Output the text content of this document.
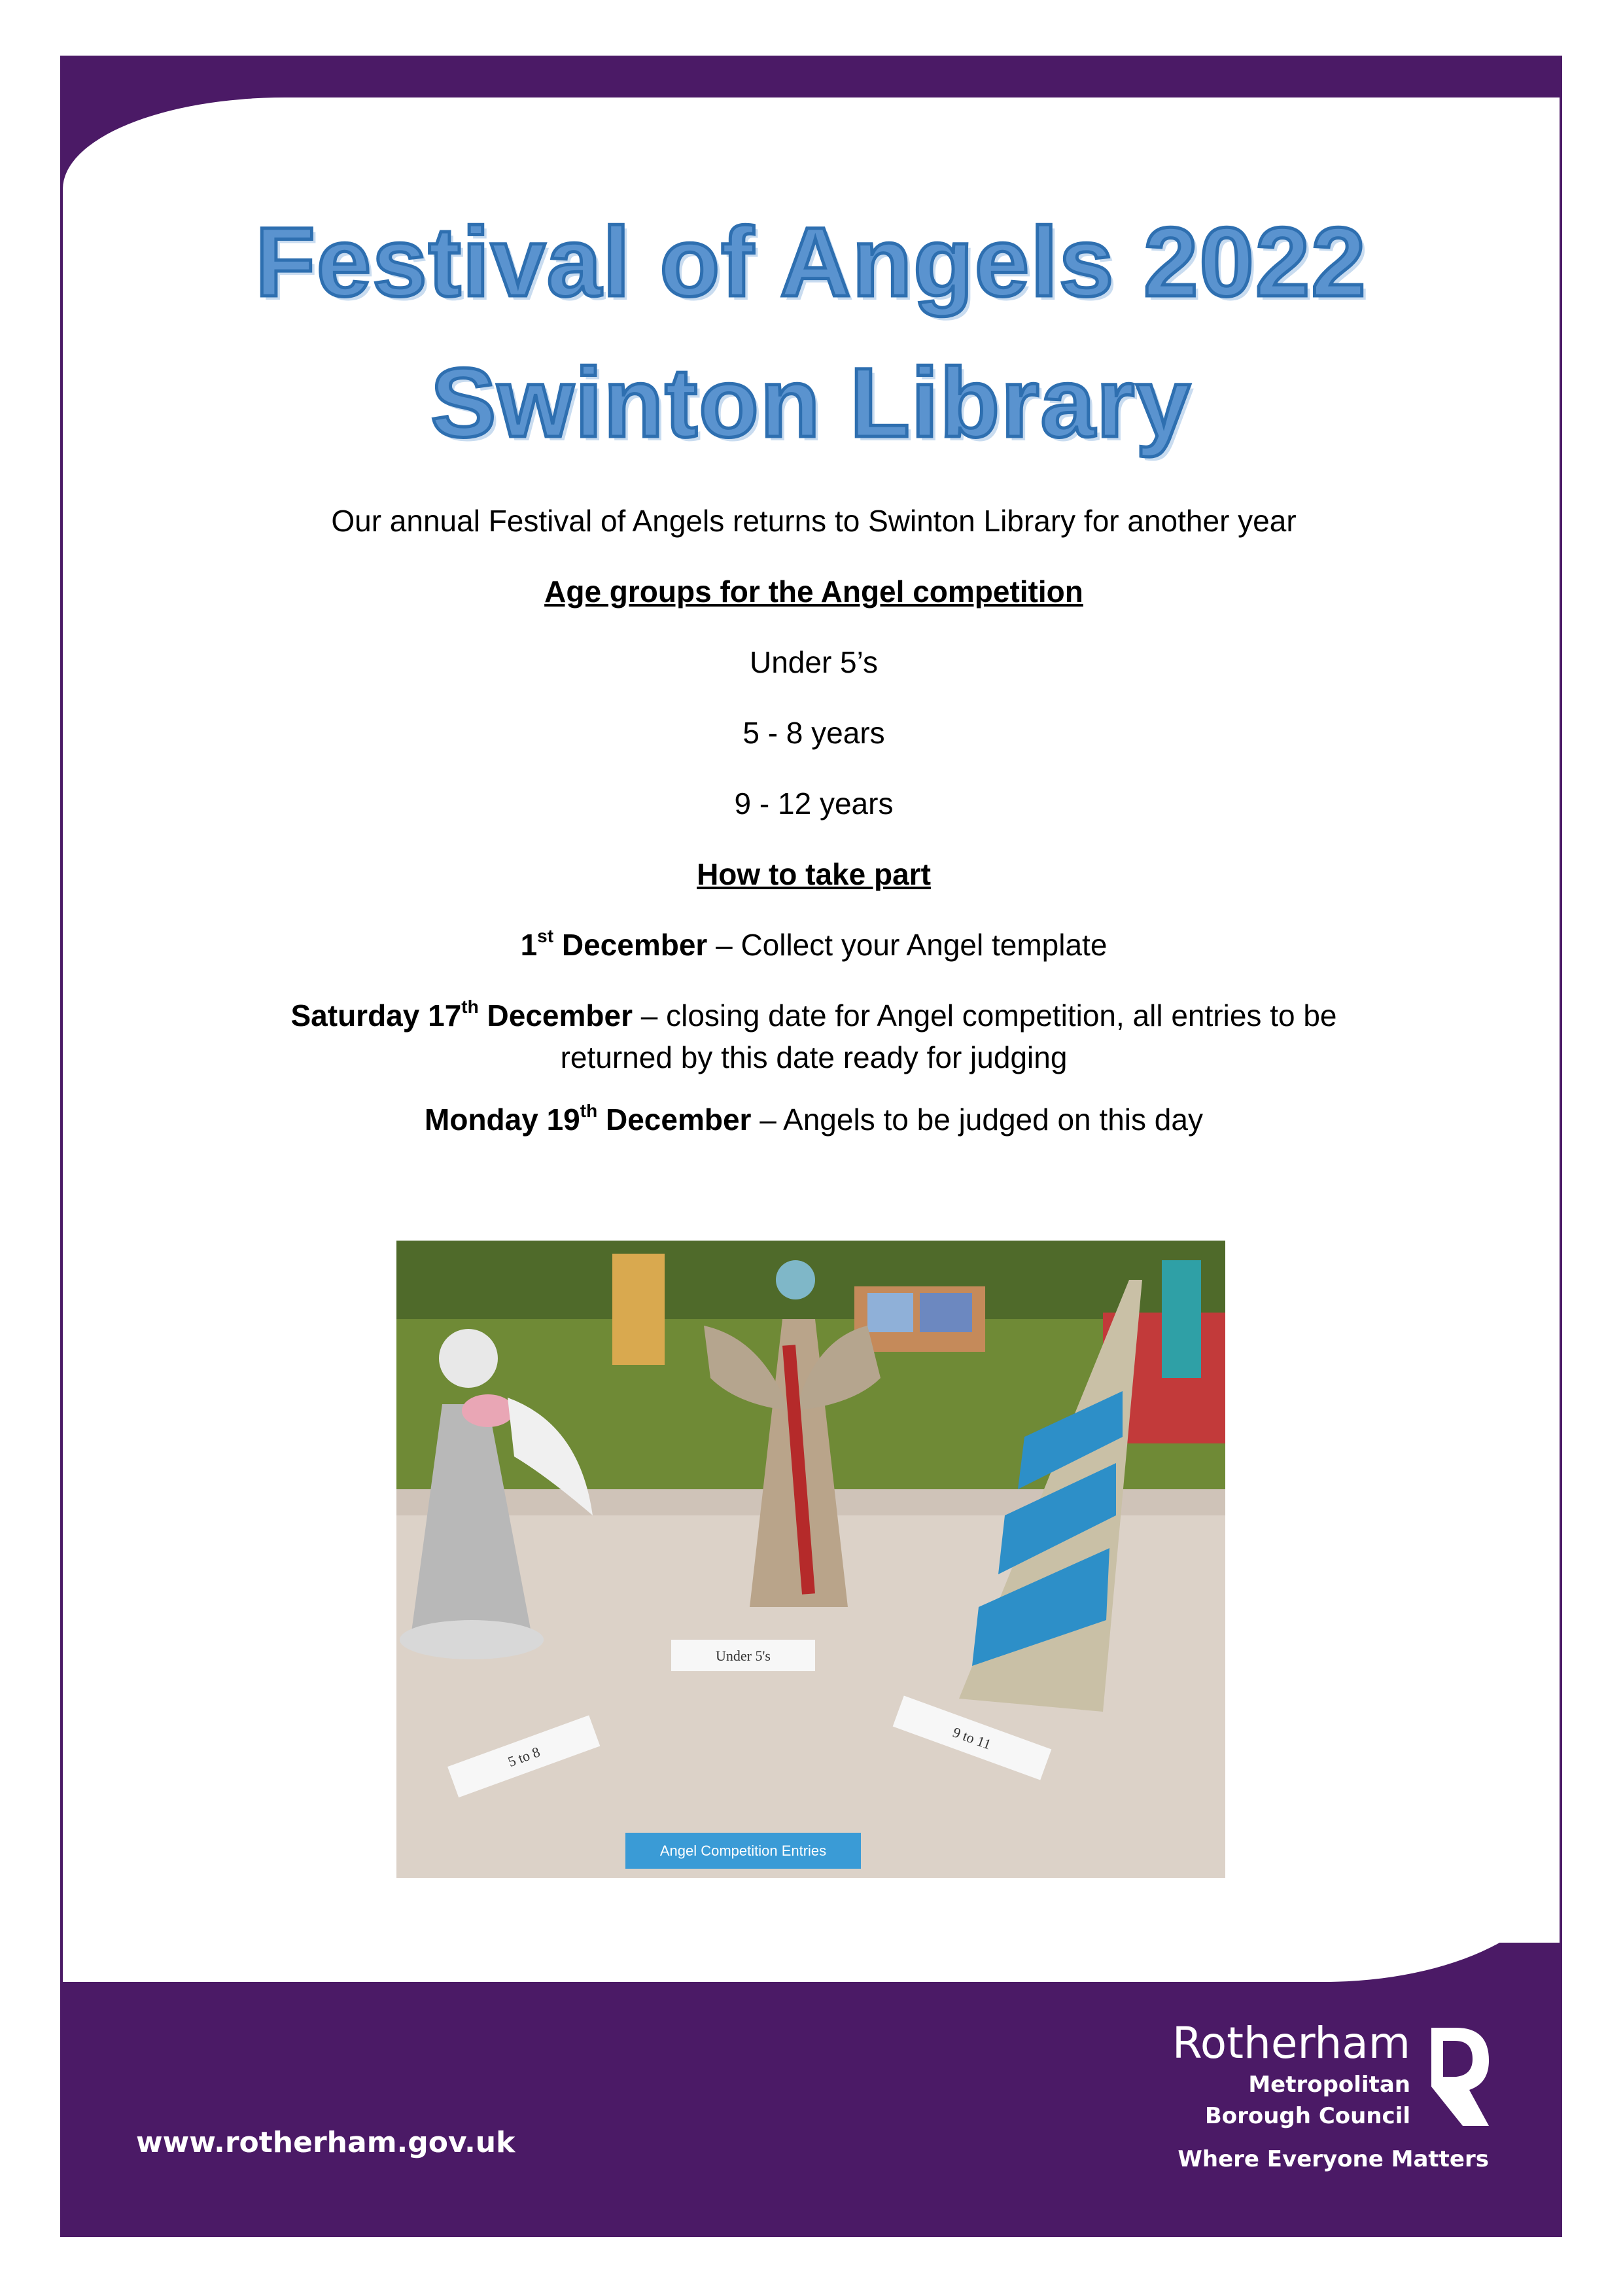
Festival of Angels 2022
Swinton Library
Our annual Festival of Angels returns to Swinton Library for another year
Age groups for the Angel competition
Under 5’s
5 - 8 years
9 - 12 years
How to take part
1st December – Collect your Angel template
Saturday 17th December – closing date for Angel competition, all entries to be returned by this date ready for judging
Monday 19th December – Angels to be judged on this day
Under 5's
5 to 8
9 to 11
Angel Competition Entries
www.rotherham.gov.uk
Rotherham
Metropolitan
Borough Council
Where Everyone Matters
